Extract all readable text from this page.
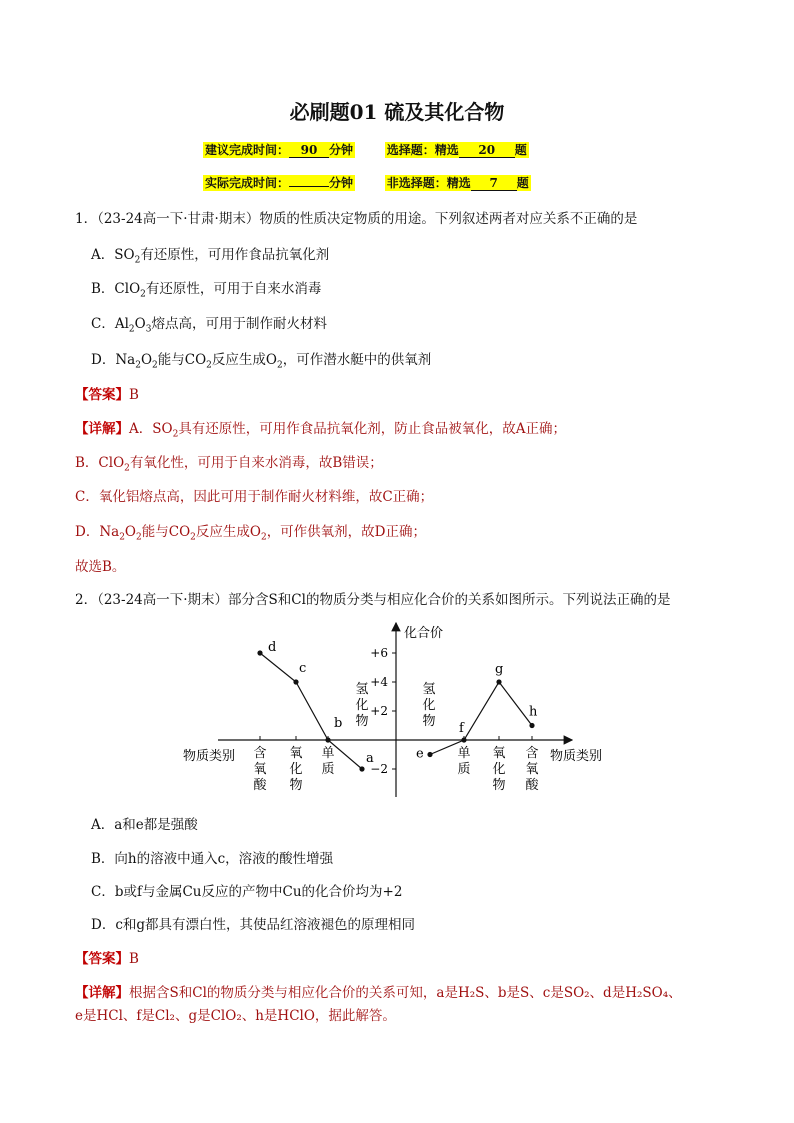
必刷题01 硫及其化合物
建议完成时间： 90 分钟	选择题：精选 20 题
实际完成时间：	分钟	非选择题：精选 7 题
1．（23-24高一下·甘肃·期末）物质的性质决定物质的用途。下列叙述两者对应关系不正确的是
A．$SO_2$有还原性，可用作食品抗氧化剂
B．ClO$_2$有还原性，可用于自来水消毒
C．$Al_2O_3$熔点高，可用于制作耐火材料
D．$Na_2O_2$能与$CO_2$反应生成$O_2$，可作潜水艇中的供氧剂
【答案】B
【详解】A．$SO_2$具有还原性，可用作食品抗氧化剂，防止食品被氧化，故A正确；
B．ClO$_2$有氧化性，可用于自来水消毒，故B错误；
C．氧化铝熔点高，因此可用于制作耐火材料维，故C正确；
D．$Na_2O_2$能与$CO_2$反应生成$O_2$，可作供氧剂，故D正确；
故选B。
2．（23-24高一下·期末）部分含S和Cl的物质分类与相应化合价的关系如图所示。下列说法正确的是
化合价
物质类别	物质类别
+6
+4
+2
−2
含氧酸
氧化物
单质
氢化物
氢化物
单质
氧化物
含氧酸
d
c
b
a	e
f
g
h
A．a和e都是强酸
B．向h的溶液中通入c，溶液的酸性增强
C．b或f与金属Cu反应的产物中Cu的化合价均为+2
D．c和g都具有漂白性，其使品红溶液褪色的原理相同
【答案】B
【详解】根据含S和Cl的物质分类与相应化合价的关系可知，a是H₂S、b是S、c是SO₂、d是H₂SO₄、
e是HCl、f是Cl₂、g是ClO₂、h是HClO，据此解答。
